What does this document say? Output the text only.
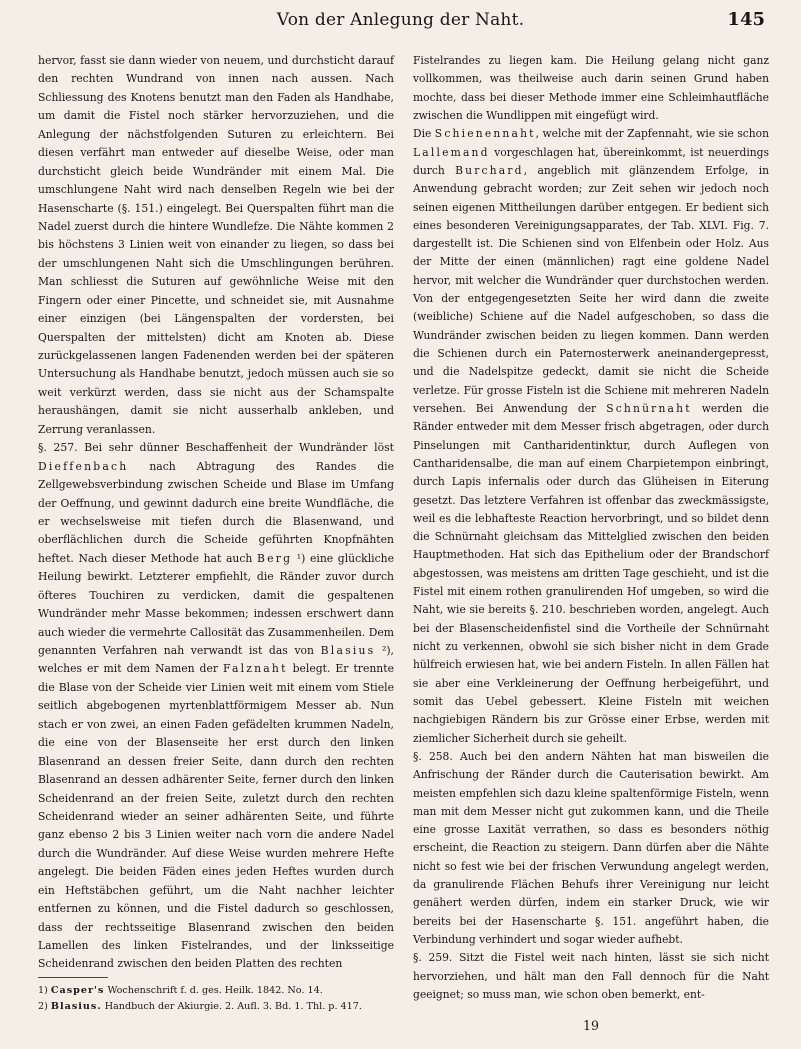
Von der Anlegung der Naht.	145

hervor, fasst sie dann wieder von neuem, und durchsticht darauf den rechten Wundrand von innen nach aussen. Nach Schliessung des Knotens benutzt man den Faden als Handhabe, um damit die Fistel noch stärker hervorzuziehen, und die Anlegung der nächstfolgenden Suturen zu erleichtern. Bei diesen verfährt man entweder auf dieselbe Weise, oder man durchsticht gleich beide Wundränder mit einem Mal. Die umschlungene Naht wird nach denselben Regeln wie bei der Hasenscharte (§. 151.) eingelegt. Bei Querspalten führt man die Nadel zuerst durch die hintere Wundlefze. Die Nähte kommen 2 bis höchstens 3 Linien weit von einander zu liegen, so dass bei der umschlungenen Naht sich die Umschlingungen berühren. Man schliesst die Suturen auf gewöhnliche Weise mit den Fingern oder einer Pincette, und schneidet sie, mit Ausnahme einer einzigen (bei Längenspalten der vordersten, bei Querspalten der mittelsten) dicht am Knoten ab. Diese zurückgelassenen langen Fadenenden werden bei der späteren Untersuchung als Handhabe benutzt, jedoch müssen auch sie so weit verkürzt werden, dass sie nicht aus der Schamspalte heraushängen, damit sie nicht ausserhalb ankleben, und Zerrung veranlassen.

§. 257. Bei sehr dünner Beschaffenheit der Wundränder löst Dieffenbach nach Abtragung des Randes die Zellgewebsverbindung zwischen Scheide und Blase im Umfang der Oeffnung, und gewinnt dadurch eine breite Wundfläche, die er wechselsweise mit tiefen durch die Blasenwand, und oberflächlichen durch die Scheide geführten Knopfnähten heftet. Nach dieser Methode hat auch Berg ¹) eine glückliche Heilung bewirkt. Letzterer empfiehlt, die Ränder zuvor durch öfteres Touchiren zu verdicken, damit die gespaltenen Wundränder mehr Masse bekommen; indessen erschwert dann auch wieder die vermehrte Callosität das Zusammenheilen. Dem genannten Verfahren nah verwandt ist das von Blasius ²), welches er mit dem Namen der Falznaht belegt. Er trennte die Blase von der Scheide vier Linien weit mit einem vom Stiele seitlich abgebogenen myrtenblattförmigem Messer ab. Nun stach er von zwei, an einen Faden gefädelten krummen Nadeln, die eine von der Blasenseite her erst durch den linken Blasenrand an dessen freier Seite, dann durch den rechten Blasenrand an dessen adhärenter Seite, ferner durch den linken Scheidenrand an der freien Seite, zuletzt durch den rechten Scheidenrand wieder an seiner adhärenten Seite, und führte ganz ebenso 2 bis 3 Linien weiter nach vorn die andere Nadel durch die Wundränder. Auf diese Weise wurden mehrere Hefte angelegt. Die beiden Fäden eines jeden Heftes wurden durch ein Heftstäbchen geführt, um die Naht nachher leichter entfernen zu können, und die Fistel dadurch so geschlossen, dass der rechtsseitige Blasenrand zwischen den beiden Lamellen des linken Fistelrandes, und der linksseitige Scheidenrand zwischen den beiden Platten des rechten

Fistelrandes zu liegen kam. Die Heilung gelang nicht ganz vollkommen, was theilweise auch darin seinen Grund haben mochte, dass bei dieser Methode immer eine Schleimhautfläche zwischen die Wundlippen mit eingefügt wird.

Die Schienennaht, welche mit der Zapfennaht, wie sie schon Lallemand vorgeschlagen hat, übereinkommt, ist neuerdings durch Burchard, angeblich mit glänzendem Erfolge, in Anwendung gebracht worden; zur Zeit sehen wir jedoch noch seinen eigenen Mittheilungen darüber entgegen. Er bedient sich eines besonderen Vereinigungsapparates, der Tab. XLVI. Fig. 7. dargestellt ist. Die Schienen sind von Elfenbein oder Holz. Aus der Mitte der einen (männlichen) ragt eine goldene Nadel hervor, mit welcher die Wundränder quer durchstochen werden. Von der entgegengesetzten Seite her wird dann die zweite (weibliche) Schiene auf die Nadel aufgeschoben, so dass die Wundränder zwischen beiden zu liegen kommen. Dann werden die Schienen durch ein Paternosterwerk aneinandergepresst, und die Nadelspitze gedeckt, damit sie nicht die Scheide verletze. Für grosse Fisteln ist die Schiene mit mehreren Nadeln versehen. Bei Anwendung der Schnürnaht werden die Ränder entweder mit dem Messer frisch abgetragen, oder durch Pinselungen mit Cantharidentinktur, durch Auflegen von Cantharidensalbe, die man auf einem Charpietempon einbringt, durch Lapis infernalis oder durch das Glüheisen in Eiterung gesetzt. Das letztere Verfahren ist offenbar das zweckmässigste, weil es die lebhafteste Reaction hervorbringt, und so bildet denn die Schnürnaht gleichsam das Mittelglied zwischen den beiden Hauptmethoden. Hat sich das Epithelium oder der Brandschorf abgestossen, was meistens am dritten Tage geschieht, und ist die Fistel mit einem rothen granulirenden Hof umgeben, so wird die Naht, wie sie bereits §. 210. beschrieben worden, angelegt. Auch bei der Blasenscheidenfistel sind die Vortheile der Schnürnaht nicht zu verkennen, obwohl sie sich bisher nicht in dem Grade hülfreich erwiesen hat, wie bei andern Fisteln. In allen Fällen hat sie aber eine Verkleinerung der Oeffnung herbeigeführt, und somit das Uebel gebessert. Kleine Fisteln mit weichen nachgiebigen Rändern bis zur Grösse einer Erbse, werden mit ziemlicher Sicherheit durch sie geheilt.

§. 258. Auch bei den andern Nähten hat man bisweilen die Anfrischung der Ränder durch die Cauterisation bewirkt. Am meisten empfehlen sich dazu kleine spaltenförmige Fisteln, wenn man mit dem Messer nicht gut zukommen kann, und die Theile eine grosse Laxität verrathen, so dass es besonders nöthig erscheint, die Reaction zu steigern. Dann dürfen aber die Nähte nicht so fest wie bei der frischen Verwundung angelegt werden, da granulirende Flächen Behufs ihrer Vereinigung nur leicht genähert werden dürfen, indem ein starker Druck, wie wir bereits bei der Hasenscharte §. 151. angeführt haben, die Verbindung verhindert und sogar wieder aufhebt.

§. 259. Sitzt die Fistel weit nach hinten, lässt sie sich nicht hervorziehen, und hält man den Fall dennoch für die Naht geeignet; so muss man, wie schon oben bemerkt, ent-

1) Casper's Wochenschrift f. d. ges. Heilk. 1842. No. 14.
2) Blasius. Handbuch der Akiurgie. 2. Aufl. 3. Bd. 1. Thl. p. 417.
19
